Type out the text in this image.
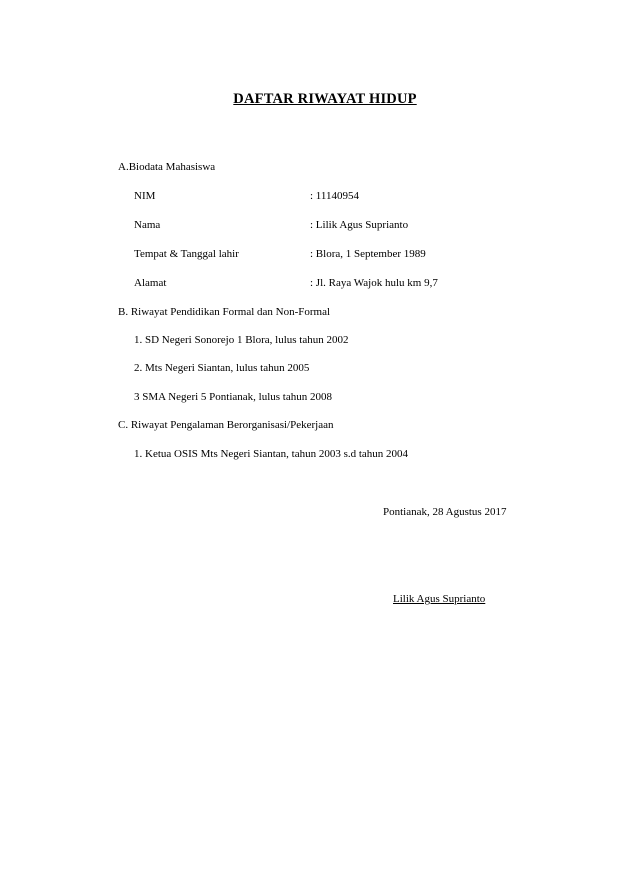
DAFTAR RIWAYAT HIDUP
A.Biodata Mahasiswa
NIM	: 11140954
Nama	: Lilik Agus Suprianto
Tempat & Tanggal lahir	: Blora, 1 September 1989
Alamat	: Jl. Raya Wajok hulu km 9,7
B. Riwayat Pendidikan Formal dan Non-Formal
1. SD Negeri Sonorejo 1 Blora, lulus tahun 2002
2. Mts Negeri Siantan, lulus tahun 2005
3 SMA Negeri 5 Pontianak, lulus tahun 2008
C. Riwayat Pengalaman Berorganisasi/Pekerjaan
1. Ketua OSIS Mts Negeri Siantan, tahun 2003 s.d tahun 2004
Pontianak, 28 Agustus 2017
Lilik Agus Suprianto
